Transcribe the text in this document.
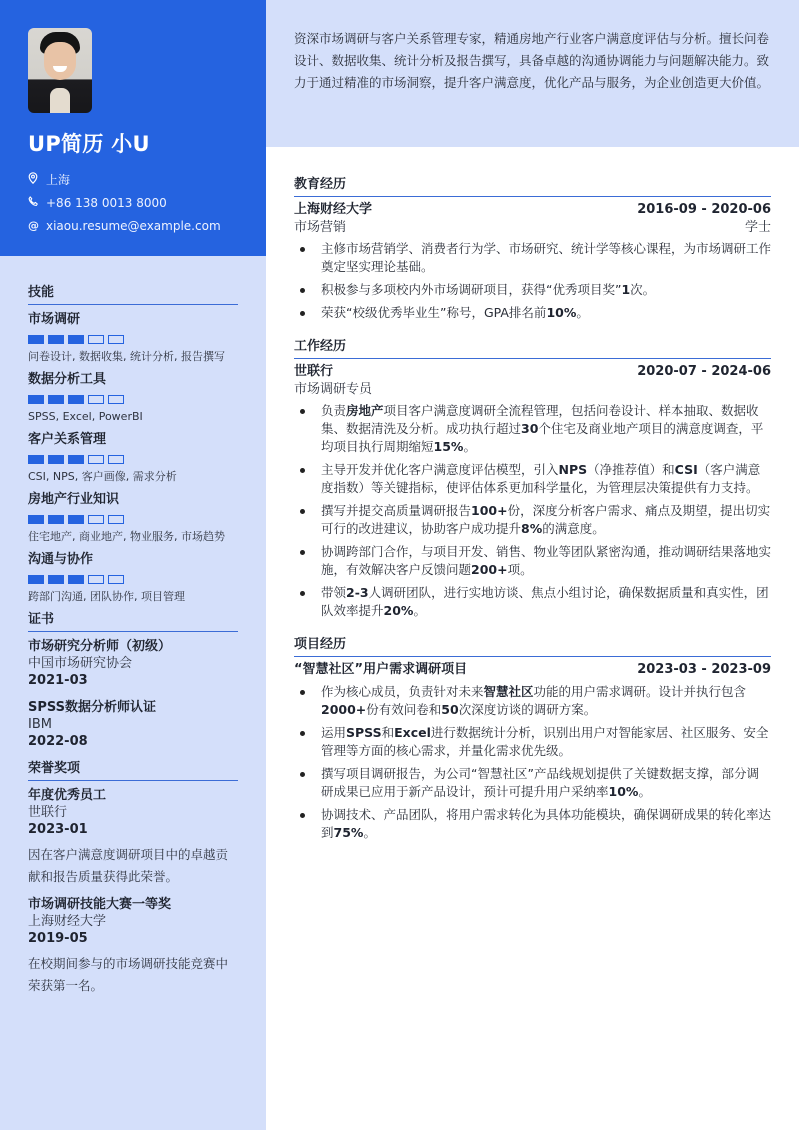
UP简历 小U
上海
+86 138 0013 8000
@ xiaou.resume@example.com
技能
市场调研
问卷设计, 数据收集, 统计分析, 报告撰写
数据分析工具
SPSS, Excel, PowerBI
客户关系管理
CSI, NPS, 客户画像, 需求分析
房地产行业知识
住宅地产, 商业地产, 物业服务, 市场趋势
沟通与协作
跨部门沟通, 团队协作, 项目管理
证书
市场研究分析师（初级）
中国市场研究协会
2021-03
SPSS数据分析师认证
IBM
2022-08
荣誉奖项
年度优秀员工
世联行
2023-01
因在客户满意度调研项目中的卓越贡献和报告质量获得此荣誉。
市场调研技能大赛一等奖
上海财经大学
2019-05
在校期间参与的市场调研技能竞赛中荣获第一名。

资深市场调研与客户关系管理专家，精通房地产行业客户满意度评估与分析。擅长问卷设计、数据收集、统计分析及报告撰写，具备卓越的沟通协调能力与问题解决能力。致力于通过精准的市场洞察，提升客户满意度，优化产品与服务，为企业创造更大价值。

教育经历
上海财经大学	2016-09 - 2020-06
市场营销	学士
主修市场营销学、消费者行为学、市场研究、统计学等核心课程，为市场调研工作奠定坚实理论基础。
积极参与多项校内外市场调研项目，获得“优秀项目奖”1次。
荣获“校级优秀毕业生”称号，GPA排名前10%。
工作经历
世联行	2020-07 - 2024-06
市场调研专员
负责房地产项目客户满意度调研全流程管理，包括问卷设计、样本抽取、数据收集、数据清洗及分析。成功执行超过30个住宅及商业地产项目的满意度调查，平均项目执行周期缩短15%。
主导开发并优化客户满意度评估模型，引入NPS（净推荐值）和CSI（客户满意度指数）等关键指标，使评估体系更加科学量化，为管理层决策提供有力支持。
撰写并提交高质量调研报告100+份，深度分析客户需求、痛点及期望，提出切实可行的改进建议，协助客户成功提升8%的满意度。
协调跨部门合作，与项目开发、销售、物业等团队紧密沟通，推动调研结果落地实施，有效解决客户反馈问题200+项。
带领2-3人调研团队，进行实地访谈、焦点小组讨论，确保数据质量和真实性，团队效率提升20%。
项目经历
“智慧社区”用户需求调研项目	2023-03 - 2023-09
作为核心成员，负责针对未来智慧社区功能的用户需求调研。设计并执行包含2000+份有效问卷和50次深度访谈的调研方案。
运用SPSS和Excel进行数据统计分析，识别出用户对智能家居、社区服务、安全管理等方面的核心需求，并量化需求优先级。
撰写项目调研报告，为公司“智慧社区”产品线规划提供了关键数据支撑，部分调研成果已应用于新产品设计，预计可提升用户采纳率10%。
协调技术、产品团队，将用户需求转化为具体功能模块，确保调研成果的转化率达到75%。
